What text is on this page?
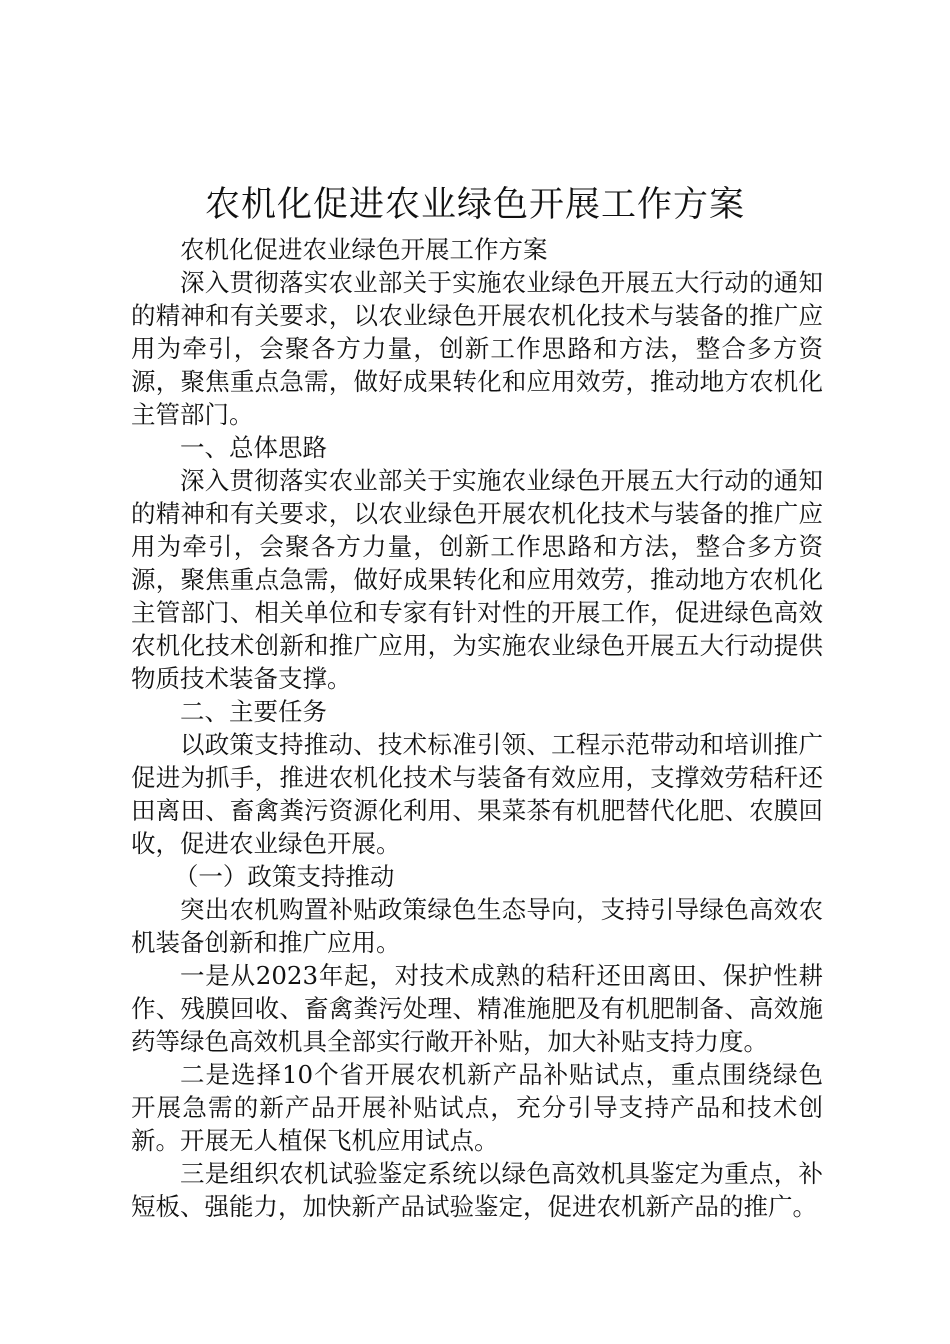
农机化促进农业绿色开展工作方案

农机化促进农业绿色开展工作方案

深入贯彻落实农业部关于实施农业绿色开展五大行动的通知的精神和有关要求，以农业绿色开展农机化技术与装备的推广应用为牵引，会聚各方力量，创新工作思路和方法，整合多方资源，聚焦重点急需，做好成果转化和应用效劳，推动地方农机化主管部门。

一、总体思路

深入贯彻落实农业部关于实施农业绿色开展五大行动的通知的精神和有关要求，以农业绿色开展农机化技术与装备的推广应用为牵引，会聚各方力量，创新工作思路和方法，整合多方资源，聚焦重点急需，做好成果转化和应用效劳，推动地方农机化主管部门、相关单位和专家有针对性的开展工作，促进绿色高效农机化技术创新和推广应用，为实施农业绿色开展五大行动提供物质技术装备支撑。

二、主要任务

以政策支持推动、技术标准引领、工程示范带动和培训推广促进为抓手，推进农机化技术与装备有效应用，支撑效劳秸秆还田离田、畜禽粪污资源化利用、果菜茶有机肥替代化肥、农膜回收，促进农业绿色开展。

（一）政策支持推动

突出农机购置补贴政策绿色生态导向，支持引导绿色高效农机装备创新和推广应用。

一是从2023年起，对技术成熟的秸秆还田离田、保护性耕作、残膜回收、畜禽粪污处理、精准施肥及有机肥制备、高效施药等绿色高效机具全部实行敞开补贴，加大补贴支持力度。

二是选择10个省开展农机新产品补贴试点，重点围绕绿色开展急需的新产品开展补贴试点，充分引导支持产品和技术创新。开展无人植保飞机应用试点。

三是组织农机试验鉴定系统以绿色高效机具鉴定为重点，补短板、强能力，加快新产品试验鉴定，促进农机新产品的推广。
